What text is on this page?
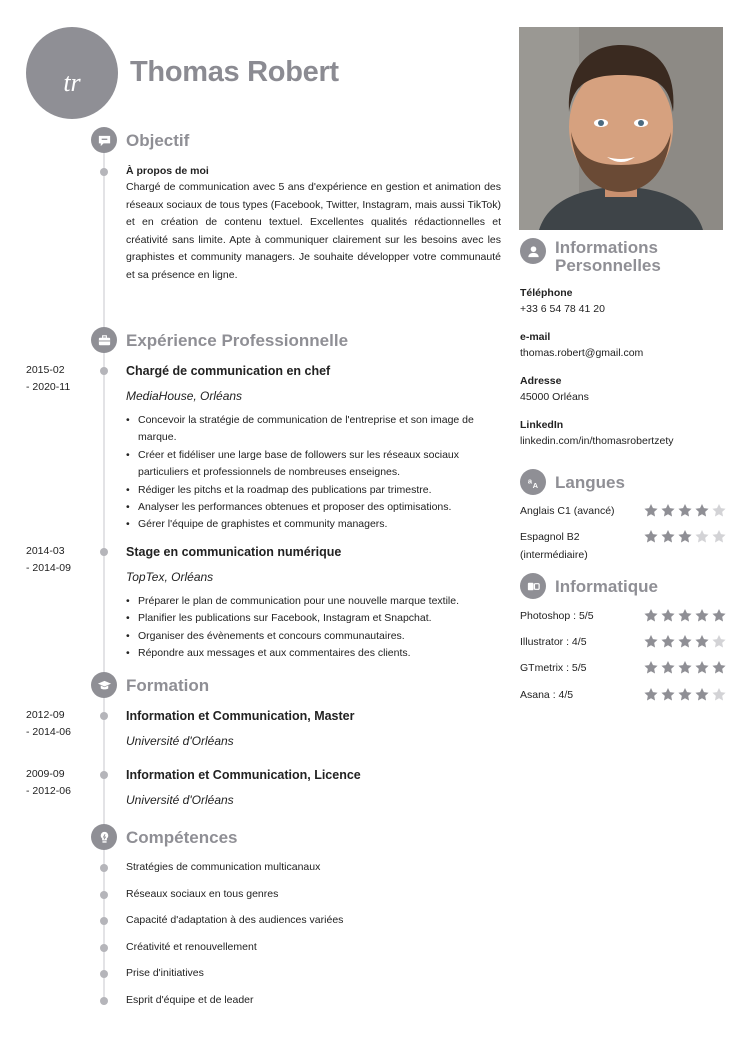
tr Thomas Robert
Objectif
À propos de moi
Chargé de communication avec 5 ans d'expérience en gestion et animation des réseaux sociaux de tous types (Facebook, Twitter, Instagram, mais aussi TikTok) et en création de contenu textuel. Excellentes qualités rédactionnelles et créativité sans limite. Apte à communiquer clairement sur les besoins avec les graphistes et community managers. Je souhaite développer votre communauté et sa présence en ligne.
Expérience Professionnelle
2015-02
- 2020-11
Chargé de communication en chef
MediaHouse, Orléans
• Concevoir la stratégie de communication de l'entreprise et son image de marque.
• Créer et fidéliser une large base de followers sur les réseaux sociaux particuliers et professionnels de nombreuses enseignes.
• Rédiger les pitchs et la roadmap des publications par trimestre.
• Analyser les performances obtenues et proposer des optimisations.
• Gérer l'équipe de graphistes et community managers.
2014-03
- 2014-09
Stage en communication numérique
TopTex, Orléans
• Préparer le plan de communication pour une nouvelle marque textile.
• Planifier les publications sur Facebook, Instagram et Snapchat.
• Organiser des évènements et concours communautaires.
• Répondre aux messages et aux commentaires des clients.
Formation
2012-09
- 2014-06
Information et Communication, Master
Université d'Orléans
2009-09
- 2012-06
Information et Communication, Licence
Université d'Orléans
Compétences
Stratégies de communication multicanaux
Réseaux sociaux en tous genres
Capacité d'adaptation à des audiences variées
Créativité et renouvellement
Prise d'initiatives
Esprit d'équipe et de leader
Informations
Personnelles
Téléphone
+33 6 54 78 41 20
e-mail
thomas.robert@gmail.com
Adresse
45000 Orléans
LinkedIn
linkedin.com/in/thomasrobertzety
a
A Langues
Anglais C1 (avancé)
Espagnol B2
(intermédiaire)
Informatique
Photoshop : 5/5
Illustrator : 4/5
GTmetrix : 5/5
Asana : 4/5
